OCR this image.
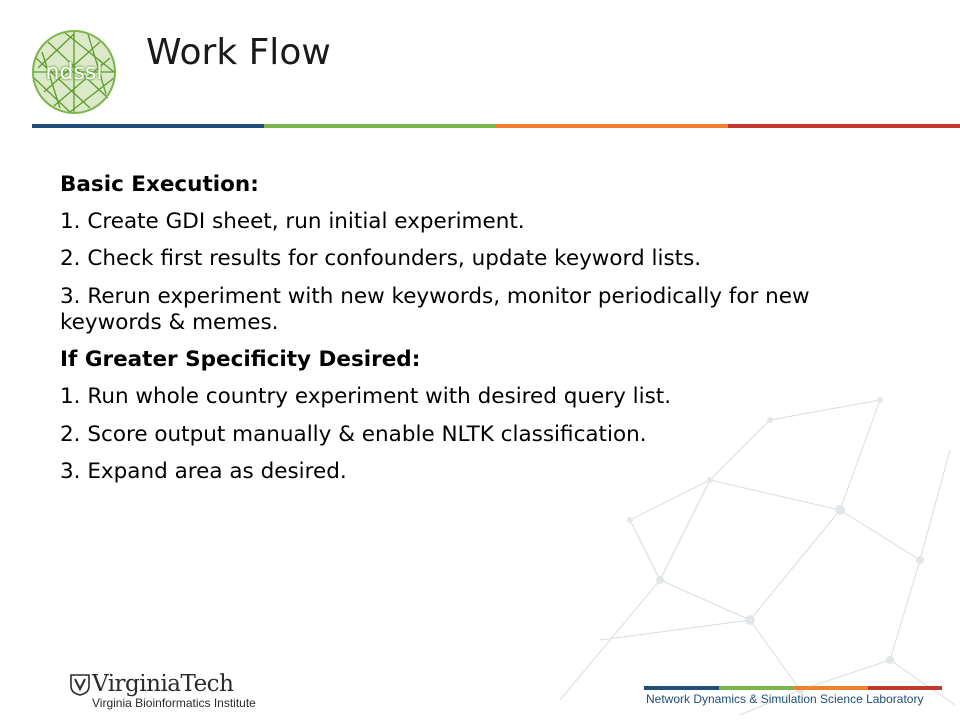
ndssl	Work Flow

Basic Execution:

1. Create GDI sheet, run initial experiment.

2. Check first results for confounders, update keyword lists.

3. Rerun experiment with new keywords, monitor periodically for new keywords & memes.

If Greater Specificity Desired:

1. Run whole country experiment with desired query list.

2. Score output manually & enable NLTK classification.

3. Expand area as desired.

VirginiaTech
Virginia Bioinformatics Institute	Network Dynamics & Simulation Science Laboratory
